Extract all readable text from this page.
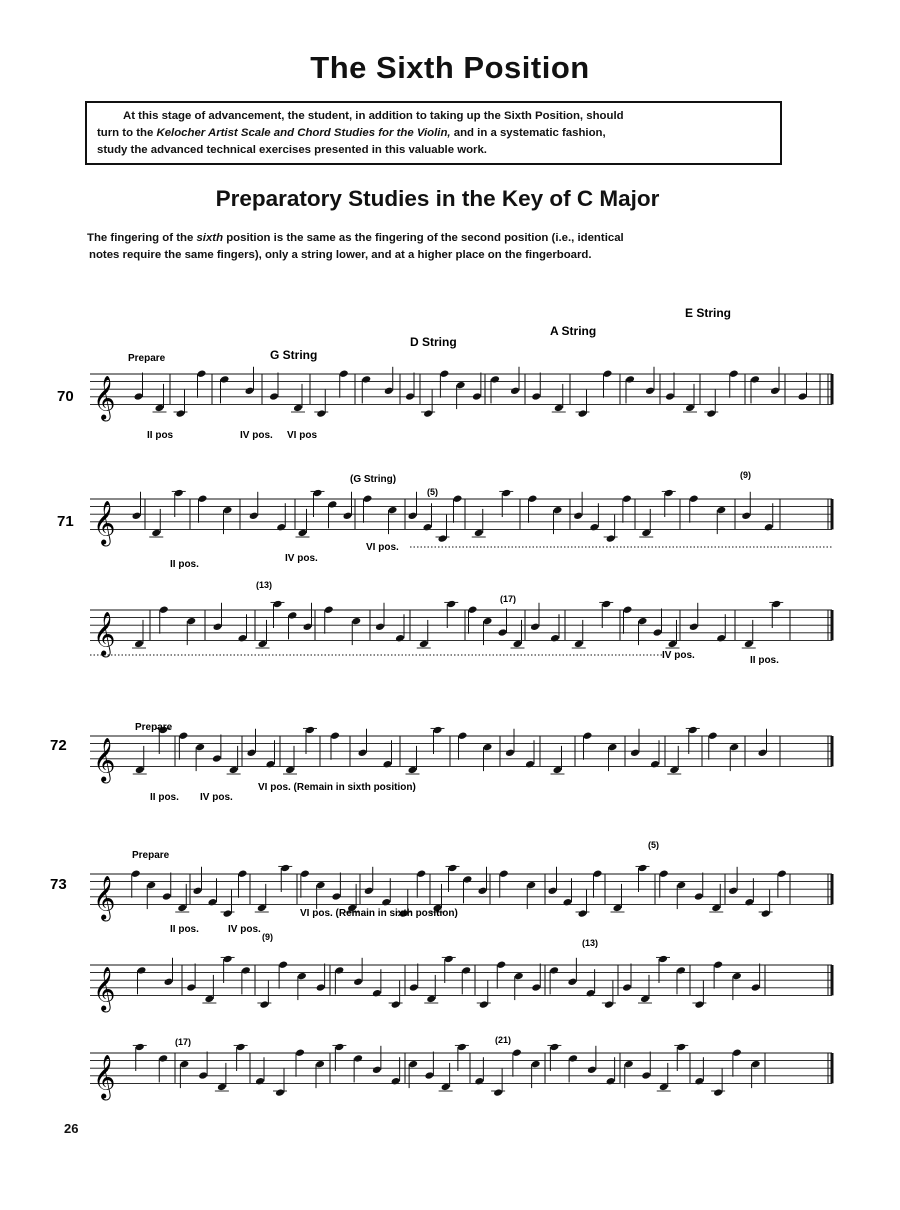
The Sixth Position

At this stage of advancement, the student, in addition to taking up the Sixth Position, should
turn to the Kelocher Artist Scale and Chord Studies for the Violin, and in a systematic fashion,
study the advanced technical exercises presented in this valuable work.

Preparatory Studies in the Key of C Major
The fingering of the sixth position is the same as the fingering of the second position (i.e., identical
notes require the same fingers), only a string lower, and at a higher place on the fingerboard.
𝄞
𝄞
𝄞
𝄞
𝄞
𝄞
𝄞
70
Prepare	G String
D String
A String
E String
II pos	IV pos. VI pos
71
(G String)
II pos.
IV pos.
VI pos.
(5)
(9)
(13)
(17)
IV pos.	II pos.
72
Prepare
II pos. IV pos.
VI pos. (Remain in sixth position)
73
Prepare
II pos.	IV pos.
VI pos. (Remain in sixth position)
(5)
(9)
(13)
(17)	(21)
26
